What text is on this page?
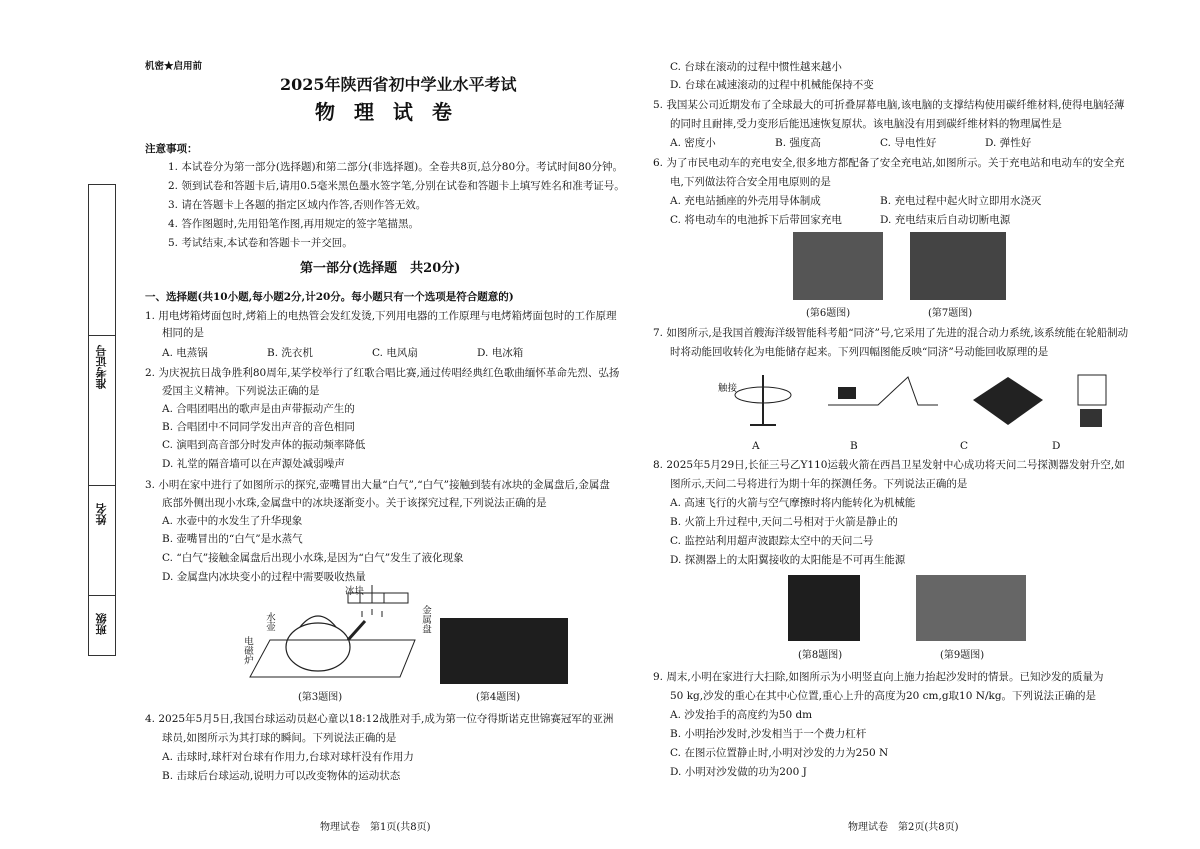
准考证号
姓名
班级
机密★启用前
2025年陕西省初中学业水平考试
物 理 试 卷
注意事项：
1. 本试卷分为第一部分(选择题)和第二部分(非选择题)。全卷共8页,总分80分。考试时间80分钟。
2. 领到试卷和答题卡后,请用0.5毫米黑色墨水签字笔,分别在试卷和答题卡上填写姓名和准考证号。
3. 请在答题卡上各题的指定区域内作答,否则作答无效。
4. 答作图题时,先用铅笔作图,再用规定的签字笔描黑。
5. 考试结束,本试卷和答题卡一并交回。
第一部分(选择题　共20分)
一、选择题(共10小题,每小题2分,计20分。每小题只有一个选项是符合题意的)
1. 用电烤箱烤面包时,烤箱上的电热管会发红发烫,下列用电器的工作原理与电烤箱烤面包时的工作原理
相同的是
A. 电蒸锅	B. 洗衣机	C. 电风扇	D. 电冰箱
2. 为庆祝抗日战争胜利80周年,某学校举行了红歌合唱比赛,通过传唱经典红色歌曲缅怀革命先烈、弘扬
爱国主义精神。下列说法正确的是
A. 合唱团唱出的歌声是由声带振动产生的
B. 合唱团中不同同学发出声音的音色相同
C. 演唱到高音部分时发声体的振动频率降低
D. 礼堂的隔音墙可以在声源处减弱噪声
3. 小明在家中进行了如图所示的探究,壶嘴冒出大量“白气”,“白气”接触到装有冰块的金属盘后,金属盘
底部外侧出现小水珠,金属盘中的冰块逐渐变小。关于该探究过程,下列说法正确的是
A. 水壶中的水发生了升华现象
B. 壶嘴冒出的“白气”是水蒸气
C. “白气”接触金属盘后出现小水珠,是因为“白气”发生了液化现象
D. 金属盘内冰块变小的过程中需要吸收热量
冰块
水壶	金属盘
电磁炉
(第3题图)	(第4题图)
4. 2025年5月5日,我国台球运动员赵心童以18:12战胜对手,成为第一位夺得斯诺克世锦赛冠军的亚洲
球员,如图所示为其打球的瞬间。下列说法正确的是
A. 击球时,球杆对台球有作用力,台球对球杆没有作用力
B. 击球后台球运动,说明力可以改变物体的运动状态
物理试卷　第1页(共8页)
C. 台球在滚动的过程中惯性越来越小
D. 台球在减速滚动的过程中机械能保持不变
5. 我国某公司近期发布了全球最大的可折叠屏幕电脑,该电脑的支撑结构使用碳纤维材料,使得电脑轻薄
的同时且耐摔,受力变形后能迅速恢复原状。该电脑没有用到碳纤维材料的物理属性是
A. 密度小	B. 强度高	C. 导电性好	D. 弹性好
6. 为了市民电动车的充电安全,很多地方都配备了安全充电站,如图所示。关于充电站和电动车的安全充
电,下列做法符合安全用电原则的是
A. 充电站插座的外壳用导体制成	B. 充电过程中起火时立即用水浇灭
C. 将电动车的电池拆下后带回家充电	D. 充电结束后自动切断电源
(第6题图)	(第7题图)
7. 如图所示,是我国首艘海洋级智能科考船“同济”号,它采用了先进的混合动力系统,该系统能在轮船制动
时将动能回收转化为电能储存起来。下列四幅图能反映“同济”号动能回收原理的是
触接
A	B	C	D
8. 2025年5月29日,长征三号乙Y110运载火箭在西昌卫星发射中心成功将天问二号探测器发射升空,如
图所示,天问二号将进行为期十年的探测任务。下列说法正确的是
A. 高速飞行的火箭与空气摩擦时将内能转化为机械能
B. 火箭上升过程中,天问二号相对于火箭是静止的
C. 监控站利用超声波跟踪太空中的天问二号
D. 探测器上的太阳翼接收的太阳能是不可再生能源
(第8题图)	(第9题图)
9. 周末,小明在家进行大扫除,如图所示为小明竖直向上施力抬起沙发时的情景。已知沙发的质量为
50 kg,沙发的重心在其中心位置,重心上升的高度为20 cm,g取10 N/kg。下列说法正确的是
A. 沙发抬手的高度约为50 dm
B. 小明抬沙发时,沙发相当于一个费力杠杆
C. 在图示位置静止时,小明对沙发的力为250 N
D. 小明对沙发做的功为200 J
物理试卷　第2页(共8页)
